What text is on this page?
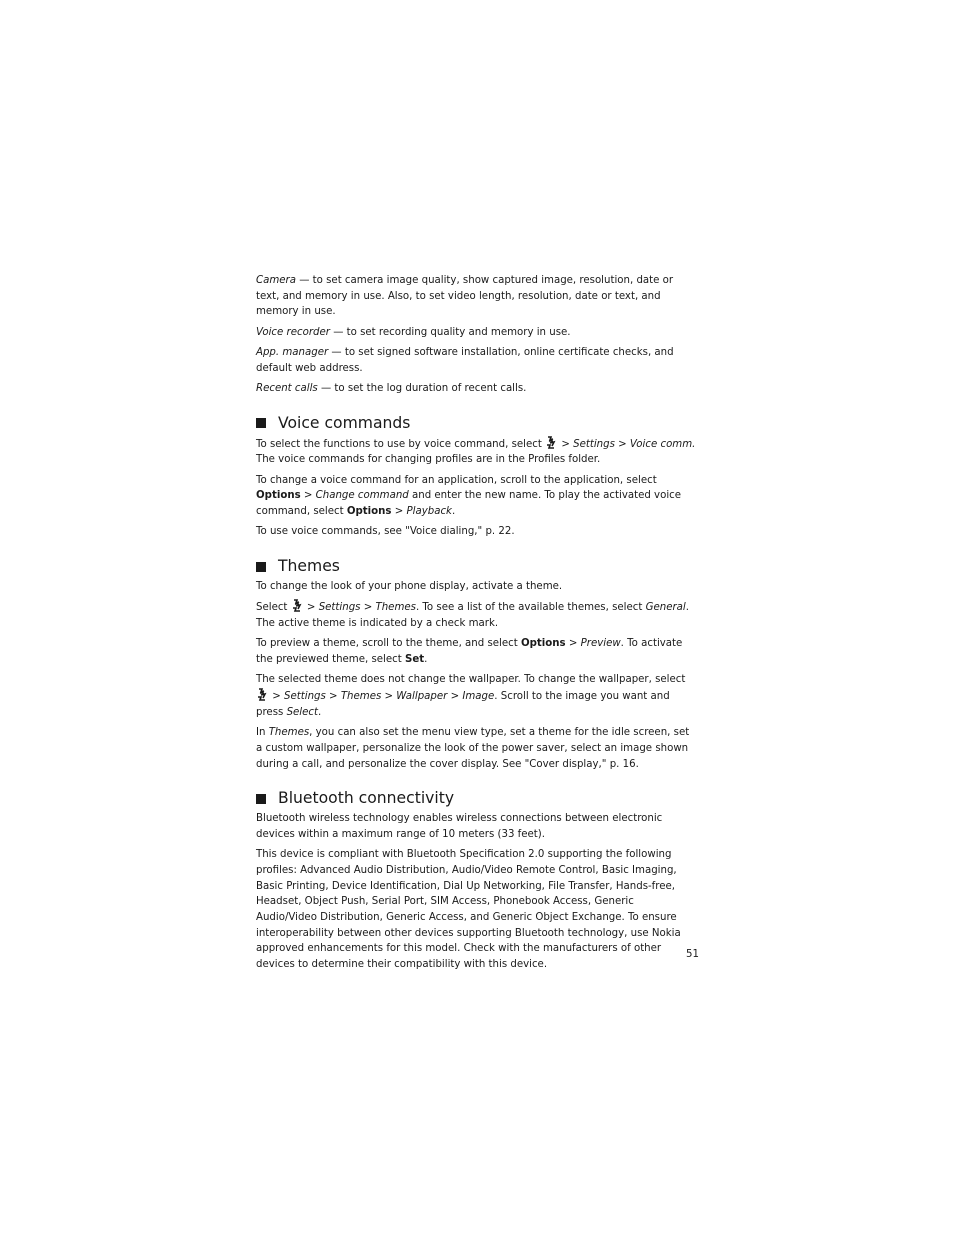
Camera — to set camera image quality, show captured image, resolution, date or text, and memory in use. Also, to set video length, resolution, date or text, and memory in use.

Voice recorder — to set recording quality and memory in use.

App. manager — to set signed software installation, online certificate checks, and default web address.

Recent calls — to set the log duration of recent calls.

Voice commands

To select the functions to use by voice command, select  > Settings > Voice comm. The voice commands for changing profiles are in the Profiles folder.

To change a voice command for an application, scroll to the application, select Options > Change command and enter the new name. To play the activated voice command, select Options > Playback.

To use voice commands, see "Voice dialing," p. 22.

Themes

To change the look of your phone display, activate a theme.

Select  > Settings > Themes. To see a list of the available themes, select General. The active theme is indicated by a check mark.

To preview a theme, scroll to the theme, and select Options > Preview. To activate the previewed theme, select Set.

The selected theme does not change the wallpaper. To change the wallpaper, select  > Settings > Themes > Wallpaper > Image. Scroll to the image you want and press Select.

In Themes, you can also set the menu view type, set a theme for the idle screen, set a custom wallpaper, personalize the look of the power saver, select an image shown during a call, and personalize the cover display. See "Cover display," p. 16.

Bluetooth connectivity

Bluetooth wireless technology enables wireless connections between electronic devices within a maximum range of 10 meters (33 feet).

This device is compliant with Bluetooth Specification 2.0 supporting the following profiles: Advanced Audio Distribution, Audio/Video Remote Control, Basic Imaging, Basic Printing, Device Identification, Dial Up Networking, File Transfer, Hands-free, Headset, Object Push, Serial Port, SIM Access, Phonebook Access, Generic Audio/Video Distribution, Generic Access, and Generic Object Exchange. To ensure interoperability between other devices supporting Bluetooth technology, use Nokia approved enhancements for this model. Check with the manufacturers of other devices to determine their compatibility with this device.

51
